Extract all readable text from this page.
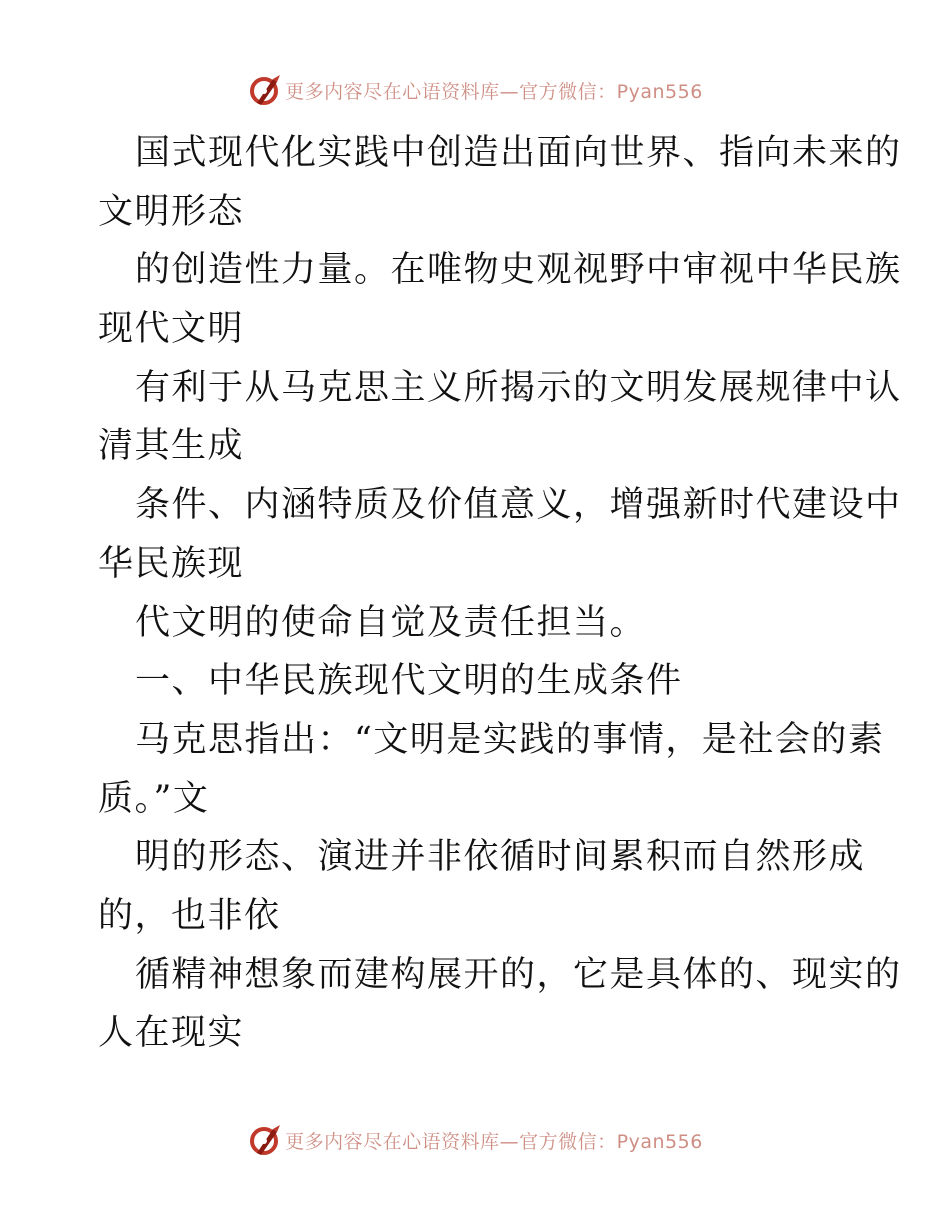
更多内容尽在心语资料库—官方微信：Pyan556
国式现代化实践中创造出面向世界、指向未来的
文明形态
的创造性力量。在唯物史观视野中审视中华民族
现代文明
有利于从马克思主义所揭示的文明发展规律中认
清其生成
条件、内涵特质及价值意义，增强新时代建设中
华民族现
代文明的使命自觉及责任担当。
一、中华民族现代文明的生成条件
马克思指出：“文明是实践的事情，是社会的素
质。”文
明的形态、演进并非依循时间累积而自然形成
的，也非依
循精神想象而建构展开的，它是具体的、现实的
人在现实
更多内容尽在心语资料库—官方微信：Pyan556
